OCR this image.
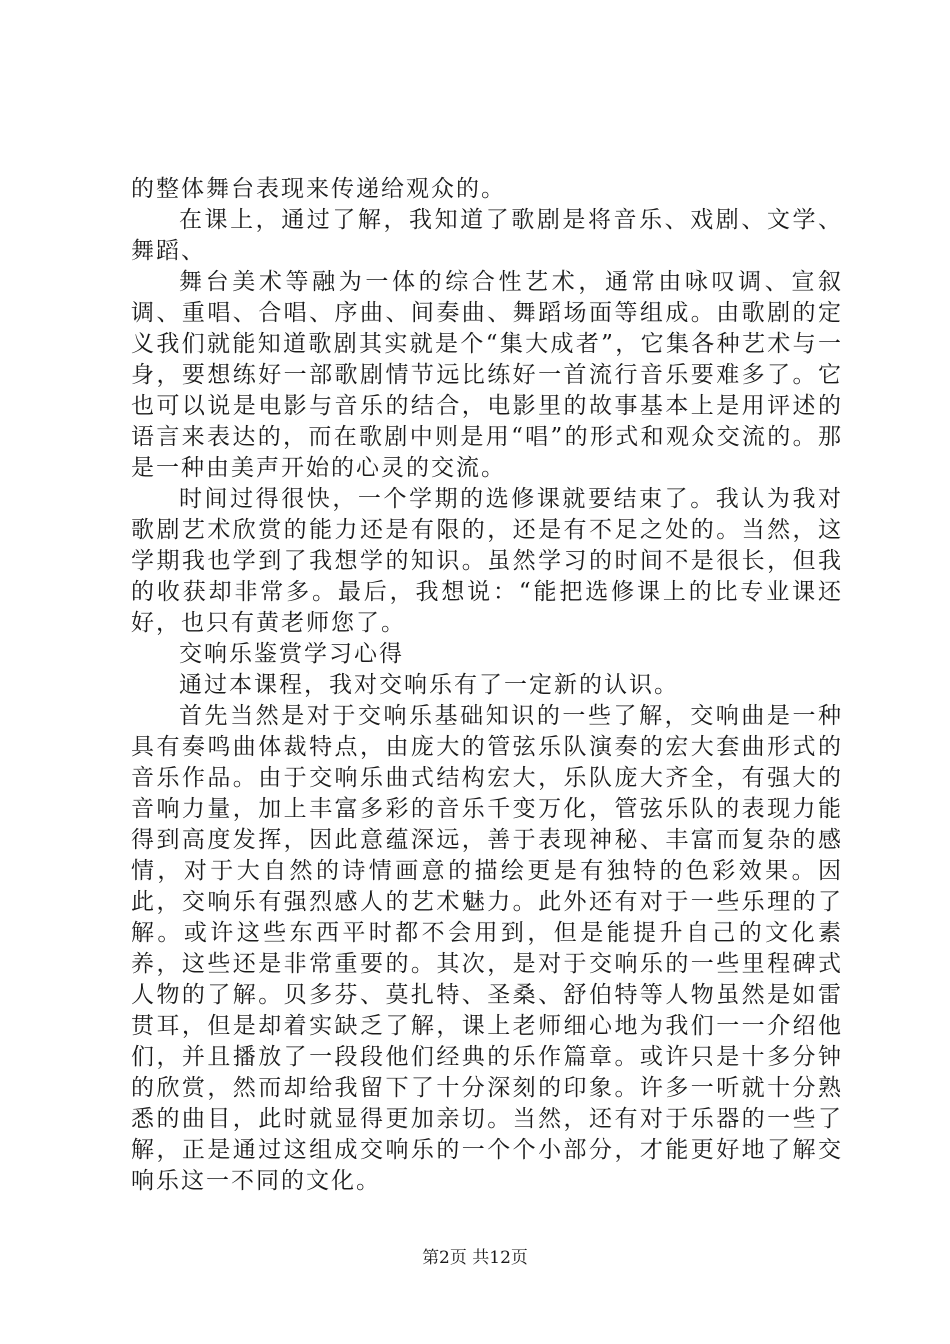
的整体舞台表现来传递给观众的。

在课上，通过了解，我知道了歌剧是将音乐、戏剧、文学、舞蹈、

舞台美术等融为一体的综合性艺术，通常由咏叹调、宣叙调、重唱、合唱、序曲、间奏曲、舞蹈场面等组成。由歌剧的定义我们就能知道歌剧其实就是个“集大成者”，它集各种艺术与一身，要想练好一部歌剧情节远比练好一首流行音乐要难多了。它也可以说是电影与音乐的结合，电影里的故事基本上是用评述的语言来表达的，而在歌剧中则是用“唱”的形式和观众交流的。那是一种由美声开始的心灵的交流。

时间过得很快，一个学期的选修课就要结束了。我认为我对歌剧艺术欣赏的能力还是有限的，还是有不足之处的。当然，这学期我也学到了我想学的知识。虽然学习的时间不是很长，但我的收获却非常多。最后，我想说：“能把选修课上的比专业课还好，也只有黄老师您了。

交响乐鉴赏学习心得

通过本课程，我对交响乐有了一定新的认识。

首先当然是对于交响乐基础知识的一些了解，交响曲是一种具有奏鸣曲体裁特点，由庞大的管弦乐队演奏的宏大套曲形式的音乐作品。由于交响乐曲式结构宏大，乐队庞大齐全，有强大的音响力量，加上丰富多彩的音乐千变万化，管弦乐队的表现力能得到高度发挥，因此意蕴深远，善于表现神秘、丰富而复杂的感情，对于大自然的诗情画意的描绘更是有独特的色彩效果。因此，交响乐有强烈感人的艺术魅力。此外还有对于一些乐理的了解。或许这些东西平时都不会用到，但是能提升自己的文化素养，这些还是非常重要的。其次，是对于交响乐的一些里程碑式人物的了解。贝多芬、莫扎特、圣桑、舒伯特等人物虽然是如雷贯耳，但是却着实缺乏了解，课上老师细心地为我们一一介绍他们，并且播放了一段段他们经典的乐作篇章。或许只是十多分钟的欣赏，然而却给我留下了十分深刻的印象。许多一听就十分熟悉的曲目，此时就显得更加亲切。当然，还有对于乐器的一些了解，正是通过这组成交响乐的一个个小部分，才能更好地了解交响乐这一不同的文化。

第2页 共12页
